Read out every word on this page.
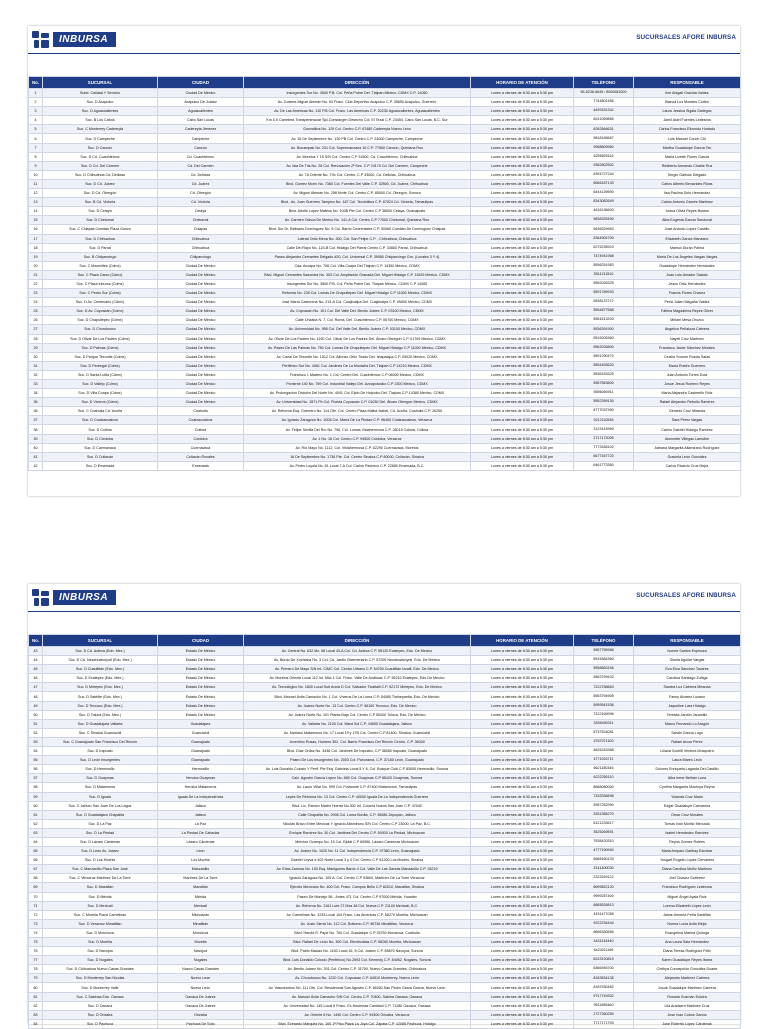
INBURSA	SUCURSALES AFORE INBURSA
No.	SUCURSAL	CIUDAD	DIRECCIÓN	HORARIO DE ATENCIÓN	TELÉFONO	RESPONSABLE
1	Subd. Calidad Y Servicio	Ciudad De México	Insurgentes Sur No. 3500 P.B. Col. Peña Pobre Del. Tlalpan México, CDMX C.P. 14060	Lunes a viernes de 8:30 am a 5:30 pm	55-5238-6649 / 8000681000	Itxe Abigail Gracida Valdes
2	Suc. D Acapulco	Acapulco De Juárez	Av. Costera Miguel Alemán No. 63 Fracc. Club Deportivo Acapulco C.P. 39690 Acapulco, Guerrero	Lunes a viernes de 8:30 am a 5:30 pm	7744801456	Blanca Luz Morales Cortes
3	Suc. D Aguascalientes	Aguascalientes	Av. De Las Americas No. 110 P.B Col. Fracc. Las Americas C.P. 20230 Aguascalientes, Aguascalientes	Lunes a viernes de 8:30 am a 5:30 pm	4499151342	Laura Jessica Sigala Gallegos
4	Suc. B Los Cabos	Cabo San Lucas	Km 0.5 Carretera Transpeninsular Sjd-Constargen Desecho Col. El Tezal C.P. 23454, Cabo San Lucas, B.C. Sur	Lunes a viernes de 8:30 am a 5:30 pm	6241059865	Jamil Asiel Fuentes Ledesma
5	Suc. C Monterrey Cadereyta	Cadereyta Jimenez	Gonzalitos No. 129 Col. Centro C.P. 67480 Cadereyta Nuevo León	Lunes a viernes de 8:30 am a 5:30 pm	8282846631	Carlos Francisco Elizondo Hurtado
6	Suc. D Campeche	Campeche	Av. 16 De Septiembre No. 130 PB Col. Centro C.P. 24000 Campeche, Campeche	Lunes a viernes de 8:30 am a 5:30 pm	9818165687	Luis Manuel Couoh Chi
7	Suc. D Cancún	Cancún	Av. Bonampak No. 201 Col. Supermanzana 10 C.P. 77500 Cancún, Quintana Roo	Lunes a viernes de 8:30 am a 5:30 pm	9988809960	Martha Guadalupe García Tec
8	Suc. D Cd. Cuauhtémoc	Cd. Cuauhtémoc	Av. Morelos Y 15 S/N Col. Centro C.P 31500, Cd. Cuauhtémoc, Chihuahua	Lunes a viernes de 8:30 am a 5:30 pm	6255825116	María Lizette Flores García
9	Suc. D Cd. Del Carmen	Cd. Del Carmen	Av. Isla De Tris No. 28 Col. Renovación 2ª Sec. C.P 24170 Cd. Del Carmen, Campeche	Lunes a viernes de 8:30 am a 5:30 pm	9382802502	Redberto Armando Chable Ruz
10	Suc. D Chihuahua Cd. Delicias	Cd. Delicias	Av. 7A Oriente No. 7Sx Col. Centro, C.P 33000, Cd. Delicias, Chihuahua	Lunes a viernes de 8:30 am a 5:30 pm	6394727244	Sergio Galindo Delgado
11	Suc. D Cd. Juárez	Cd. Juárez	Blvd. Gomez Morín No. 7380 Col. Fuentes Del Valle C.P. 32500, Cd. Juárez, Chihuahua	Lunes a viernes de 8:30 am a 5:30 pm	6566187133	Carlos Alberto Benavides Rivas
12	Suc. D Cd. Obregón	Cd. Obregón	Av. Miguel Alemán No. 258 Norte Col. Centro C.P. 85000 Cd. Obregón, Sonora	Lunes a viernes de 8:30 am a 5:30 pm	6444139590	Ilsa Paulina Soto Hernández
13	Suc. B Cd. Victoria	Cd. Victoria	Blvd.. Av. Juan Guerrero Tampico No. 187 Col. Tecolotitos C.P. 87024 Cd. Victoria, Tamaulipas	Lunes a viernes de 8:30 am a 5:30 pm	8343082649	Carlos Antonio Garcés Martínez
14	Suc. D Celaya	Celaya	Blvd. Adolfo López Mateos No. 100B Pte Col. Centro C.P 38000 Celaya, Guanajuato	Lunes a viernes de 8:30 am a 5:30 pm	4616136600	Juana Olivia Reyes Bustos
15	Suc. D Chetumal	Chetumal	Av. Carmen Ochoa De Merino No. 141-A Col. Centro C.P 77000 Chetumal, Quintana Roo	Lunes a viernes de 8:30 am a 5:30 pm	9838325490	Alba Eugenia García Sandoval
16	Suc. C Chiapas Comitán Plaza Gonzo	Chiapas	Blvd. Sur Dr. Belisario Domínguez No. 8 Col. Barrio Cedrentales C.P. 30060 Comitán De Domínguez Chiapas	Lunes a viernes de 8:30 am a 5:30 pm	9636329963	José Antonio López Castillo
17	Suc. D Chihuahua	Chihuahua	Lateral Ortíz Mena No. 300, Col. San Felipe C.P. , Chihuahua, Chihuahua	Lunes a viernes de 8:30 am a 5:30 pm	6364904700	Elizabeth García Manzano
18	Suc. D Parral	Chihuahua	Calle Del Rayo No. 124-B Col. Hidalgo Del Parral Centro C.P. 33800 Parral, Chihuahua	Lunes a viernes de 8:30 am a 5:30 pm	6275235923	Marisol Durán Palma
19	Suc. B Chilpancingo	Chilpancingo	Paseo Alejandro Cervantes Delgado #20, Col. Universal C.P. 39080 Chilpancingo Gro. (Locales 3 Y 4)	Lunes a viernes de 8:30 am a 5:30 pm	7474941968	María De Los Ángeles Vargas Vargas
20	Suc. C Mazmiltes (Cdmx)	Ciudad De México	Cda. Acoapa No. 708 Col. Villa Coapa Del Tlalpan C.P. 14390 México, CDMX	Lunes a viernes de 8:30 am a 5:30 pm	5556251983	Guadalupe Hernández Hernández
21	Suc. C Plaza Carso (Cdmx)	Ciudad De México	Blvd. Miguel Cervantes Saavedra No. 303 Col. Ampliación Granada Del. Miguel Hidalgo C.P. 11529 México, CDMX	Lunes a viernes de 8:30 am a 5:30 pm	5511211510	Juan Luis Amador Salado
22	Suc. C Plaza Inbursa (Cdmx)	Ciudad De México	Insurgentes Sur No. 3500 P.B. Col. Peña Pobre Del. Tlalpan México, CDMX C.P 14060	Lunes a viernes de 8:30 am a 5:30 pm	5552026325	Jesus Ortiz Hernández
23	Suc. C Pedro Sur (Cdmx)	Ciudad De México	Reforma No. 228 Col. Lomas De Chapultepec Del. Miguel Hidalgo C.P 11000 Mexico, CDMX	Lunes a viernes de 8:30 am a 5:30 pm	5591789933	Francis Flores Chavez
24	Suc. D Av. Centenario (Cdmx)	Ciudad De México	José María Castorena No. 213-A Col. Cuajimalpa Del. Cuajimalpa C.P. 05000 Mexico, CDMX	Lunes a viernes de 8:30 am a 5:30 pm	5538137272	Perla Julian Magaña Valdez
25	Suc. D Av. Coyoacan (Cdmx)	Ciudad De México	Av. Coyoacan No. 101 Col. Del Valle Del. Benito Juárez C.P. 03100 Mexico, CDMX	Lunes a viernes de 8:30 am a 5:30 pm	5554877588	Fátima Magdalena Reyes Oliver
26	Suc. D Chapultepec (Cdmx)	Ciudad De México	Calle Orizaba N. 7, Col. Roma, Del. Cuauhtémoc C.P. 06700 Mexico, CDMX	Lunes a viernes de 8:30 am a 5:30 pm	5551613200	Miriam Mesa Orozco
27	Suc. D Churubusco	Ciudad De México	Av. Universidad No. 958 Col. Del Valle Del. Benito Juárez C.P. 03100 Mexico, CDMX	Lunes a viernes de 8:30 am a 5:30 pm	5536391900	Angelica Peñaloza Cabrera
28	Suc. D Olivar De Los Padres (Cdmx)	Ciudad De México	Av. Olivar De Los Padres No. 1190 Col. Olivar De Los Padres Del. Álvaro Obregon C.P. 01709 Mexico, CDMX	Lunes a viernes de 8:30 am a 5:30 pm	5515205360	Nayeli Cruz Martínez
29	Suc. D Palmas (Cdmx)	Ciudad De México	Av. Paseo De Las Palmas No. 750 Col. Lomas De Chapultepec Del. Miguel Hidalgo C.P 11000 Mexico, CDMX	Lunes a viernes de 8:30 am a 5:30 pm	5562026800	Francisco Javier Sánchez Morales
30	Suc. D Parque Tezontle (Cdmx)	Ciudad De México	Av. Canal De Tezontle No. 1512 Col. Alfonso Ortiz Tirado Del. Iztapalapa C.P. 09020 Mexico, CDMX	Lunes a viernes de 8:30 am a 5:30 pm	5591290470	Cecilia Yvonne Rueda Salas
31	Suc. D Pedregal (Cdmx)	Ciudad De México	Periférico Sur No. 4061 Col. Jardines De La Montaña Del. Tlalpan C.P 14210 Mexico, CDMX	Lunes a viernes de 8:30 am a 5:30 pm	5554493620	María Rubén Guerrero
32	Suc. D Santa Lolita (Cdmx)	Ciudad De México	Francisco I. Madero No. 1 Col. Centro Del. Cuauhtémoc C.P 06000 Mexico, CDMX	Lunes a viernes de 8:30 am a 5:30 pm	5536153325	Juan Antonio Torres Díaz
33	Suc. D Vallejo (Cdmx)	Ciudad De México	Poniente 140 No. 759 Col. Industrial Vallejo Del. Azcapotzalco C.P 2300 Mexico, CDMX	Lunes a viernes de 8:30 am a 5:30 pm	5557563600	Josue Jesus Romero Reyes
34	Suc. D Villa Coapa (Cdmx)	Ciudad De México	Av. Prolongación División Del Norte No. 4041 Col. Ejido De Huipulco Del. Tlalpan C.P 14380 Mexico, CDMX	Lunes a viernes de 8:30 am a 5:30 pm	5556050911	Maria Alejandra Casimeño Ruiz
35	Suc. D Viveros (Cdmx)	Ciudad De México	Av. Universidad No. 1571 Pb Col. Florida Coyoacan C.P. 01030 Del. Álvaro Obregon Mexico, CDMX	Lunes a viernes de 8:30 am a 5:30 pm	5552399130	Rafael Alejandro Rebollo Ramírez
36	Suc. C Coahuila Cd. Acuña	Coahuila	Av. Reforma Esq. Guerrero No. 114 Ote. Col. Centro Plaza Malba Isabel, Cd. Acuña, Coahuila C.P. 26200	Lunes a viernes de 8:30 am a 5:30 pm	8777037390	Gerardo Cruz Miranda
37	Suc. D Coatzacoalcos	Coatzacoalcos	Av. Ignacio Zaragoza No. 1008 Col. María De La Piedad C.P. 96400 Coatzacoalcos, Veracruz	Lunes a viernes de 8:30 am a 5:30 pm	9212110536	Sara Pérez Vargas
38	Suc. D Colima	Colima	Av. Felipe Sevilla Del Río No. 796, Col. Lomas Vistahermosa C.P. 28016 Colima, Colima	Lunes a viernes de 8:30 am a 5:30 pm	3123143969	Carlos Gabriel Hidalgo Ramírez
39	Suc. D Córdoba	Córdoba	Av. 1 No. 16 Col. Centro C.P. 94500 Córdoba, Veracruz	Lunes a viernes de 8:30 am a 5:30 pm	2717172005	Alonnette Villegas Lamothe
40	Suc. D Cuernavaca	Cuernavaca	Av. Río Mayo No. 1112, Col. Vistahermosa C.P. 62290 Cuernavaca, Morelos	Lunes a viernes de 8:30 am a 5:30 pm	7773168102	Adriana Margarita Altamirano Rodríguez
41	Suc. D Culiacán	Culiacán Rosales	16 De Septiembre No. 1736 Pte. Col. Centro Sinaloa C.P 80000, Culiacán, Sinaloa	Lunes a viernes de 8:30 am a 5:30 pm	6677167720	Graciela Leon González
42	Suc. D Ensenada	Ensenada	Av. Pedro Loyola No. 61 Local 7-A Col. Carlos Pacheco C.P. 22880 Ensenada, B.C.	Lunes a viernes de 8:30 am a 5:30 pm	6461773380	Carlos Ricardo Cruz Mejía
INBURSA	SUCURSALES AFORE INBURSA
No.	SUCURSAL	CIUDAD	DIRECCIÓN	HORARIO DE ATENCIÓN	TELÉFONO	RESPONSABLE
43	Suc. D Cd. Azteca (Edo. Mex.)	Estado De México	Av. Central No. 632 Mz. 58 Local 43-A Col. Cd. Azteca C.P. 55120 Ecatepec, Edo. De Mexico	Lunes a viernes de 8:30 am a 5:30 pm	5557755988	Ivonne Santos Espinoza
44	Suc. D Cd. Nezahualcóyotl (Edo. Mex.)	Estado De México	Av. Bordo De Xochiaca No. 3 Col. Cd. Jardín Bicentenario C.P. 57205 Nezahualcóyotl, Edo. De México	Lunes a viernes de 8:30 am a 5:30 pm	5515384360	Gisela Aguilar Vargas
45	Suc. D Cuautitlán (Edo. Mex.)	Estado De México	Av. Primero De Mayo S/N Int. CIMC Col. Centro Urbano C.P. 54700 Cuautitlán Izcalli, Edo. De Mexico	Lunes a viernes de 8:30 am a 5:30 pm	5558663156	Eva Elva Sánchez Tavares
46	Suc. D Ecatepec (Edo. Mex.)	Estado De México	Av. Morelos Oriente Local 112 Int. Mixi-1 Col. Fracc. Valle De Anáhuac C.P. 55210 Ecatepec, Edo.De Mexico	Lunes a viernes de 8:30 am a 5:30 pm	5563799432	Carolina Santiago Zuñiga
47	Suc. D Metepec (Edo. Mex.)	Estado De México	Av. Tecnológico No. 1600 Local Sub Ancla D Col. Salvador Tizatlalli C.P. 52172 Metepec, Edo. De Mexico	Lunes a viernes de 8:30 am a 5:30 pm	7222758663	Sandra Luz Cabrera Miranda
48	Suc. D Satélite (Edo. Mex.)	Estado De México	Blvd. Manuel Ávila Camacho No. 1 Col. Viveros De La Loma C.P. 54080 Tlalnepantla, Edo. De Mexico	Lunes a viernes de 8:30 am a 5:30 pm	5553794905	Fanny Alvarez Lozano
49	Suc. D Texcoco (Edo. Mex.)	Estado De México	Av. Juárez Norte No. 13 Col. Centro C.P. 56100 Texcoco, Edo. De Mexico	Lunes a viernes de 8:30 am a 5:30 pm	5959541536	Jaqueline Lara Hidalgo
50	Suc. D Toluca (Edo. Mex.)	Estado De México	Av. Juárez Norte No. 101 Planta Baja Col. Centro C.P 50000 Toluca, Edo. De Mexico	Lunes a viernes de 8:30 am a 5:30 pm	7222169996	Teresita Jardón Jaramillo
51	Suc. D Guadalajara Vallarta	Guadalajara	Av. Vallarta No. 2100 Col. Ward Sol C.P. 44690 Guadalajara, Jalisco	Lunes a viernes de 8:30 am a 5:30 pm	3336490311	Marco Fernando Lo Aragón
52	Suc. C Sinaloa Guamúchil	Guamúchil	Av. Mariano Matamoros No. 17 Local 19 y 17B Col. Centro C.P 81400, Sinaloa, Guamúchil	Lunes a viernes de 8:30 am a 5:30 pm	6737524081	Sarahi García Lugo
53	Suc. C Guanajuato San Francisco Del Rincón	Guanajuato	Juventino Rosas, Humero 302, Col. Barrio Francisco Del Rincón Centro, C.P. 36300	Lunes a viernes de 8:30 am a 5:30 pm	4767071100	Rafael Arcos Pérez
54	Suc. D Irapuato	Guanajuato	Blvd. Díaz Ordaz No. 3436 Col. Jardines De Irapuato, C.P 36660 Irapuato, Guanajuato	Lunes a viernes de 8:30 am a 5:30 pm	4626243388	Liliana Xochitl Ventura Mosquera
55	Suc. D León Insurgentes	Guanajuato	Paseo De Los Insurgentes No. 2003 Col. Panorama, C.P. 37160 León, Guanajuato	Lunes a viernes de 8:30 am a 5:30 pm	4771024711	Laura Mares León
56	Suc. D Hermosillo	Hermosillo	Av. Luis Donaldo Colosio Y Perif. Pte Esq. Gabriela Local 5 Y 6, Col. Bosque Club C.P 83000 Hermosillo, Sonora	Lunes a viernes de 8:30 am a 5:30 pm	6621180346	Dolores Enriqueta Lagarda Del Castillo
57	Suc. D Guaymas	Heroica Guaymas	Calz. Agustín García López No. 869 Col. Guaymas C.P 85420 Guaymas, Sonora	Lunes a viernes de 8:30 am a 5:30 pm	6222250110	Alba Irene Beltrán Luna
58	Suc. D Matamoros	Heroica Matamoros	Av. Lauro Villar No. 999 Col. Fovissste C.P. 87400 Matamoros, Tamaulipas	Lunes a viernes de 8:30 am a 5:30 pm	8688080000	Cynthia Margarita Montoya Reyna
59	Suc. D Iguala	Iguala De La Independencia	Leyes De Reforma No. 13 Col. Centro C.P. 40000 Iguala De La Independencia Guerrero	Lunes a viernes de 8:30 am a 5:30 pm	7333336698	Yolanda Cruz Marín
60	Suc. C Jalisco San Juan De Los Lagos	Jalisco	Blvd. Lic. Ramón Martín Huerta No.300 Int. Colonia Nueva San Juan C.P. 47040	Lunes a viernes de 8:30 am a 5:30 pm	3957252990	Edgar Guadalupe Camarena
61	Suc. D Guadalajara Chapalita	Jalisco	Calle Chapalita No. 2906 Col. Loma Bonita, C.P. 45086 Zapopan, Jalisco	Lunes a viernes de 8:30 am a 5:30 pm	3331365270	Omar Cruz Morales
62	Suc. D La Paz	La Paz	Nicolás Bravo Entre Mexicas Y Ignacio Altamirano S/N Col. Centro C.P 23000, La Paz, B.C.	Lunes a viernes de 8:30 am a 5:30 pm	6121233617	Tomas Iván Murillo Mercado
63	Suc. D La Piedad	La Piedad De Cabadas	Enrique Ramírez No. 30 Col. Jardines Del Centro C.P. 59300 La Piedad, Michoacan	Lunes a viernes de 8:30 am a 5:30 pm	3525269591	Isabel Hernández Ramírez
64	Suc. D Lázaro Cárdenas	Lázaro Cárdenas	Melchor Ocampo No. 15 Col. Ejidal C.P 60950, Lázaro Cárdenas Michoacan	Lunes a viernes de 8:30 am a 5:30 pm	7535420310	Reyna Gómez Robles
65	Suc. D León Av. Juárez	León	Av. Juárez No. 1020 No. 11 Col. Independencia C.P. 37380 León, Guanajuato	Lunes a viernes de 8:30 am a 5:30 pm	4777190940	Maria Amparo Garibay Escobar
66	Suc. D Los Mochis	Los Mochis	Gabriel Leyva # 403 Norte Local 3 y 4 Col. Centro C.P 81200 Los Mochis, Sinaloa	Lunes a viernes de 8:30 am a 5:30 pm	6688160133	Yosgart Rogelio López Cervantes
67	Suc. C Manzanillo Plaza San José	Manzanillo	Av. Elías Zamora No. 153 Esq. Manigueos Barrio II Col. Valle De Las Garzas Manzanillo C.P. 28219	Lunes a viernes de 8:30 am a 5:30 pm	3141400030	Diana Carolina Muñiz Martínez
68	Suc. C Veracruz Martínez De La Torre	Martínez De La Torre	Ignacio Zaragoza No. 109 A. Col. Centro C.P 93600, Martínez De La Torre Veracruz	Lunes a viernes de 8:30 am a 5:30 pm	2323249122	Joel Chavez Gutierrez
69	Suc. D Mazatlán	Mazatlán	Ejercito Mexicano No. 400 Col. Fracc. Campos Bello C.P 82010, Mazatlán, Sinaloa	Lunes a viernes de 8:30 am a 5:30 pm	6699822120	Francisco Rodríguez Ledesma
70	Suc. D Mérida	Mérida	Paseo De Montejo 56 - Antes 471 Col. Centro C.P 97000 Mérida, Yucatán	Lunes a viernes de 8:30 am a 5:30 pm	9999287400	Miguel Ángel Ayala Ruiz
71	Suc. D Mexicali	Mexicali	Av. Reforma No. 1161 Lote 27 Mza 48 Col. Nueva C.P. 21100 Mexicali, B.C.	Lunes a viernes de 8:30 am a 5:30 pm	6865526813	Lorena Elizabeth López León
72	Suc. C Morelia Plaza Camelinas	Michoacán	Av. Camelinas No. 3233 Local 104 Fracc. Las Américas C.P. 58270 Morelia, Michoacan	Lunes a viernes de 8:30 am a 5:30 pm	4431477055	Jaime Armeria Peña Santillán
73	Suc. D Veracruz Minatitlán	Minatitlán	Av. Justo Sierra No. 112 Col. Bottomo C.P. 96736 Minatitlán, Veracruz	Lunes a viernes de 8:30 am a 5:30 pm	9222234444	Norma Lucia Avila Mejía
74	Suc. D Monclova	Monclova	Blvd. Harold R. Pape No. 700 Col. Guadalupe C.P 25750 Monclova, Coahuila	Lunes a viernes de 8:30 am a 5:30 pm	8666330666	Evangelina Marina Quiroga
75	Suc. D Morelia	Morelia	Blvd. Rafael De León No. 300 Col. Electricistas C.P. 58260 Morelia, Michoacan	Lunes a viernes de 8:30 am a 5:30 pm	4431144440	Ana Laura Sala Hernández
76	Suc. D Navojoa	Navojoa	Blvd. Pablo Macias No. 1100 Local 16, 5 Col. Juárez C.P. 85870 Navojoa, Sonora	Lunes a viernes de 8:30 am a 5:30 pm	6424211196	Diana Teresa Rodríguez Felix
77	Suc. D Nogales	Nogales	Blvd. Luis Donaldo Colosio (Periférico) No.2693 Col. Kennedy C.P. 84062, Nogales, Sonora	Lunes a viernes de 8:30 am a 5:30 pm	6313120819	Karen Guadalupe Reyes Ibarra
78	Suc. D Chihuahua Nuevo Casas Grandes	Nuevo Casas Grandes	Av. Benito Juárez No. 301 Col. Centro C.P. 31700, Nuevo Casas Grandes, Chihuahua	Lunes a viernes de 8:30 am a 5:30 pm	6366945700	Cinthya Concepción González Duarte
79	Suc. D Monterrey San Nicolás	Nuevo León	Av. Churubusco No. 1220 Col. Coyoacan C.P. 64510 Monterrey, Nuevo León	Lunes a viernes de 8:30 am a 5:30 pm	8183534138	Alejandro Martínez Cabrera
80	Suc. D Monterrey Valle	Nuevo León	Av. Vasconcelos No. 111 Ote. Col. Residencial San Agustín C.P. 66260 San Pedro Garza García, Nuevo León	Lunes a viernes de 8:30 am a 5:30 pm	8183780482	Josué Guadalupe Martínez Cabrera
81	Suc. C Sabinas Edo. Oaxaca	Oaxaca De Juárez	Av. Manuel Ávila Camacho S/N Col. Centro C.P. 70400, Sabina Oaxaca, Oaxaca	Lunes a viernes de 8:30 am a 5:30 pm	9717749332	Rosaria Guzmán Eulvira
82	Suc. D Oaxaca	Oaxaca De Juárez	Av. Universidad No. 145 Local 8 Fracc. Ex-Hacienda Candiani C.P. 71280 Oaxaca, Oaxaca	Lunes a viernes de 8:30 am a 5:30 pm	9511685460	Lila Aradsent Martínez Cruz
83	Suc. D Orizaba	Orizaba	Av. Oriente 6 No. 1490 Col. Centro C.P. 94300 Orizaba, Veracruz	Lunes a viernes de 8:30 am a 5:30 pm	2727260259	Jose Ivan Cobos García
84	Suc. D Pachuca	Pachuca De Soto	Blvd. Everardo Márquez No. 100 1ª Piso Plaza La Joya Col. Zapata C.P. 42086 Pachuca, Hidalgo	Lunes a viernes de 8:30 am a 5:30 pm	7717171753	Jose Roberto López Cárdenas
